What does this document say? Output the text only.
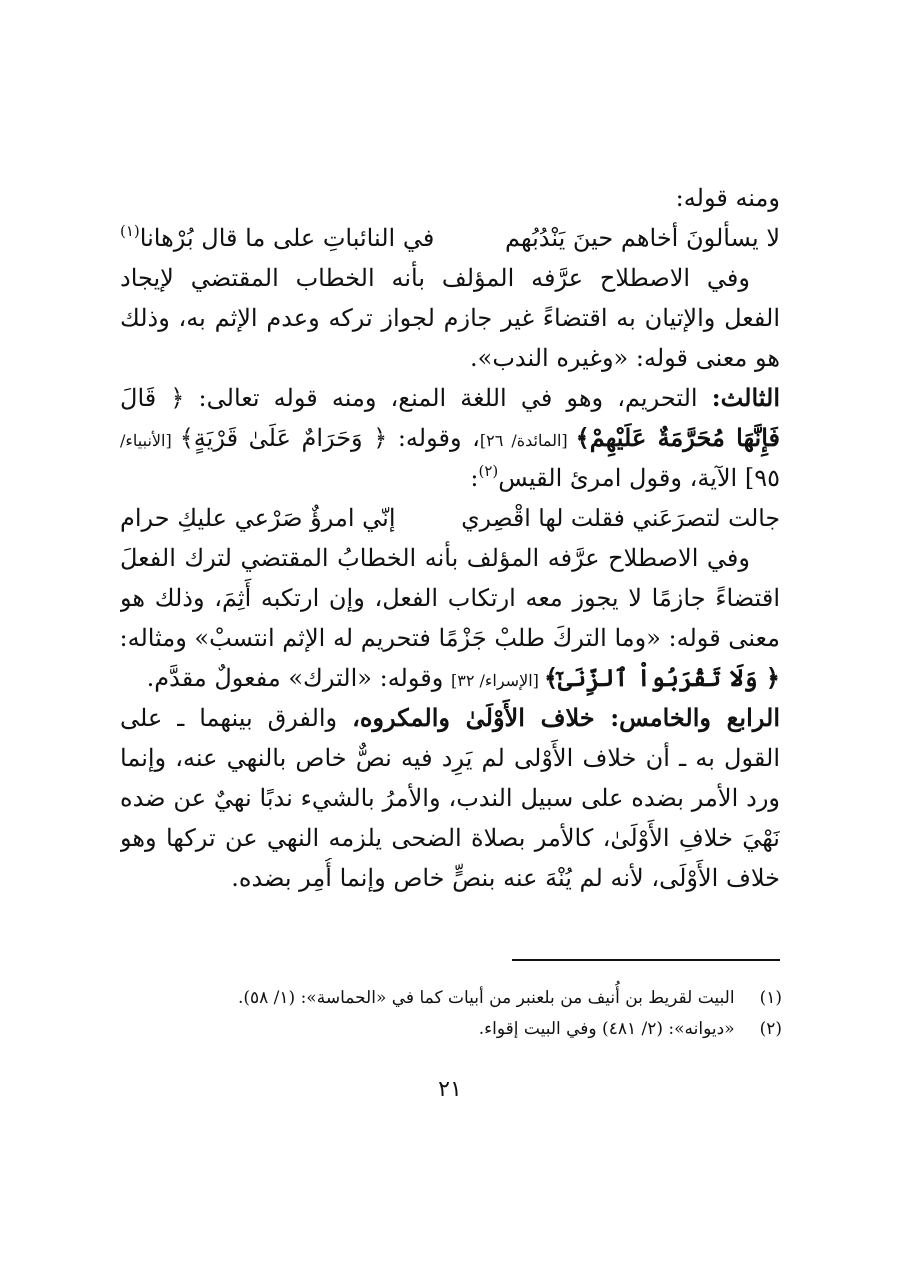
ومنه قوله:
لا يسألونَ أخاهم حينَ يَنْدُبُهم
في النائباتِ على ما قال بُرْهانا$^{(١)}$
وفي الاصطلاح عرَّفه المؤلف بأنه الخطاب المقتضي لإيجاد
الفعل والإتيان به اقتضاءً غير جازم لجواز تركه وعدم الإثم به، وذلك
هو معنى قوله: «وغيره الندب».
الثالث: التحريم، وهو في اللغة المنع، ومنه قوله تعالى: ﴿ قَالَ
فَإِنَّهَا مُحَرَّمَةٌ عَلَيْهِمْ﴾ [المائدة/ ٢٦]، وقوله: ﴿ وَحَرَامٌ عَلَىٰ قَرْيَةٍ﴾ [الأنبياء/
٩٥] الآية، وقول امرئ القيس$^{(٢)}$:
جالت لتصرَعَني فقلت لها اقْصِري
إنّي امرؤٌ صَرْعي عليكِ حرام
وفي الاصطلاح عرَّفه المؤلف بأنه الخطابُ المقتضي لترك الفعلَ
اقتضاءً جازمًا لا يجوز معه ارتكاب الفعل، وإن ارتكبه أَثِمَ، وذلك هو
معنى قوله: «وما التركَ طلبْ جَزْمًا فتحريم له الإثم انتسبْ» ومثاله:
﴿ وَلَا تَقْرَبُواْ ٱلزِّنَىٰٓ﴾ [الإسراء/ ٣٢] وقوله: «الترك» مفعولٌ مقدَّم.
الرابع والخامس: خلاف الأَوْلَىٰ والمكروه، والفرق بينهما ـ على
القول به ـ أن خلاف الأَوْلى لم يَرِد فيه نصٌّ خاص بالنهي عنه، وإنما
ورد الأمر بضده على سبيل الندب، والأمرُ بالشيء ندبًا نهيٌ عن ضده
نَهْيَ خلافِ الأَوْلَىٰ، كالأمر بصلاة الضحى يلزمه النهي عن تركها وهو
خلاف الأَوْلَى، لأنه لم يُنْهَ عنه بنصٍّ خاص وإنما أُمِر بضده.
(١) البيت لقريط بن أُنيف من بلعنبر من أبيات كما في «الحماسة»: (١/ ٥٨).
(٢) «ديوانه»: (٢/ ٤٨١) وفي البيت إقواء.
٢١
